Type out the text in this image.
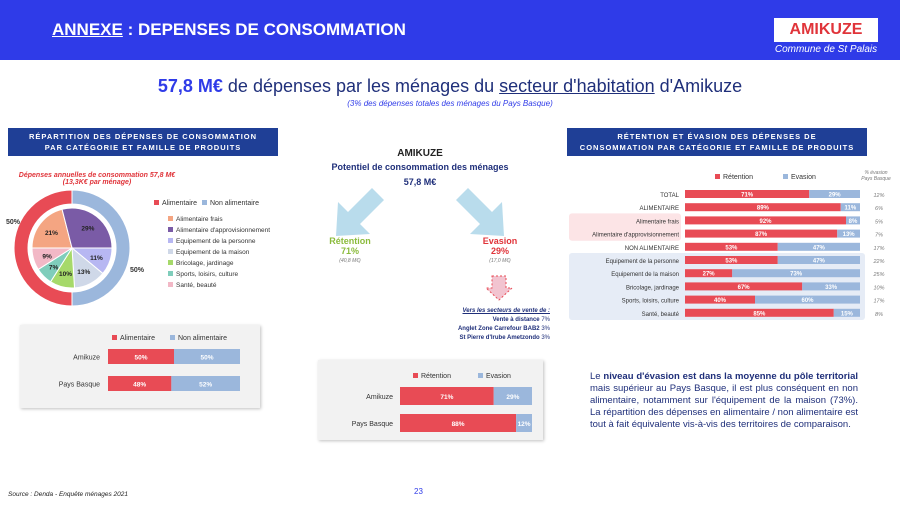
ANNEXE : DEPENSES DE CONSOMMATION	AMIKUZE
Commune de St Palais
57,8 M€ de dépenses par les ménages du secteur d'habitation d'Amikuze
(3% des dépenses totales des ménages du Pays Basque)
RÉPARTITION DES DÉPENSES DE CONSOMMATION
PAR CATÉGORIE ET FAMILLE DE PRODUITS
Dépenses annuelles de consommation 57,8 M€
(13,3K€ par ménage)
50%
50%
21%
29%
11%
13%
10%
7%
9%
Alimentaire Non alimentaire
Alimentaire frais
Alimentaire d'approvisionnement
Equipement de la personne
Equipement de la maison
Bricolage, jardinage
Sports, loisirs, culture
Santé, beauté
Alimentaire	Non alimentaire
Amikuze	50%	50%
Pays Basque	48%	52%
AMIKUZE
Potentiel de consommation des ménages
57,8 M€
Rétention
71%
(40,8 M€)
Evasion
29%
(17,0 M€)
Vers les secteurs de vente de :
Vente à distance 7%
Anglet Zone Carrefour BAB2 3%
St Pierre d'Irube Ametzondo 3%
Rétention	Evasion
Amikuze	71%	29%
Pays Basque	88%	12%
RÉTENTION ET ÉVASION DES DÉPENSES DE
CONSOMMATION PAR CATÉGORIE ET FAMILLE DE PRODUITS
% évasion
Pays Basque
Rétention	Evasion
TOTAL	71%	29%	12%
ALIMENTAIRE	89%	11%	6%
Alimentaire frais	92%	8%	5%
Alimentaire d'approvisionnement	87%	13%	7%
NON ALIMENTAIRE	53%	47%	17%
Equipement de la personne	53%	47%	22%
Equipement de la maison	27%	73%	25%
Bricolage, jardinage	67%	33%	10%
Sports, loisirs, culture	40%	60%	17%
Santé, beauté	85%	15%	8%
Le niveau d'évasion est dans la moyenne du pôle territorial mais supérieur au Pays Basque, il est plus conséquent en non alimentaire, notamment sur l'équipement de la maison (73%). La répartition des dépenses en alimentaire / non alimentaire est tout à fait équivalente vis-à-vis des territoires de comparaison.
Source : Denda - Enquête ménages 2021	23
